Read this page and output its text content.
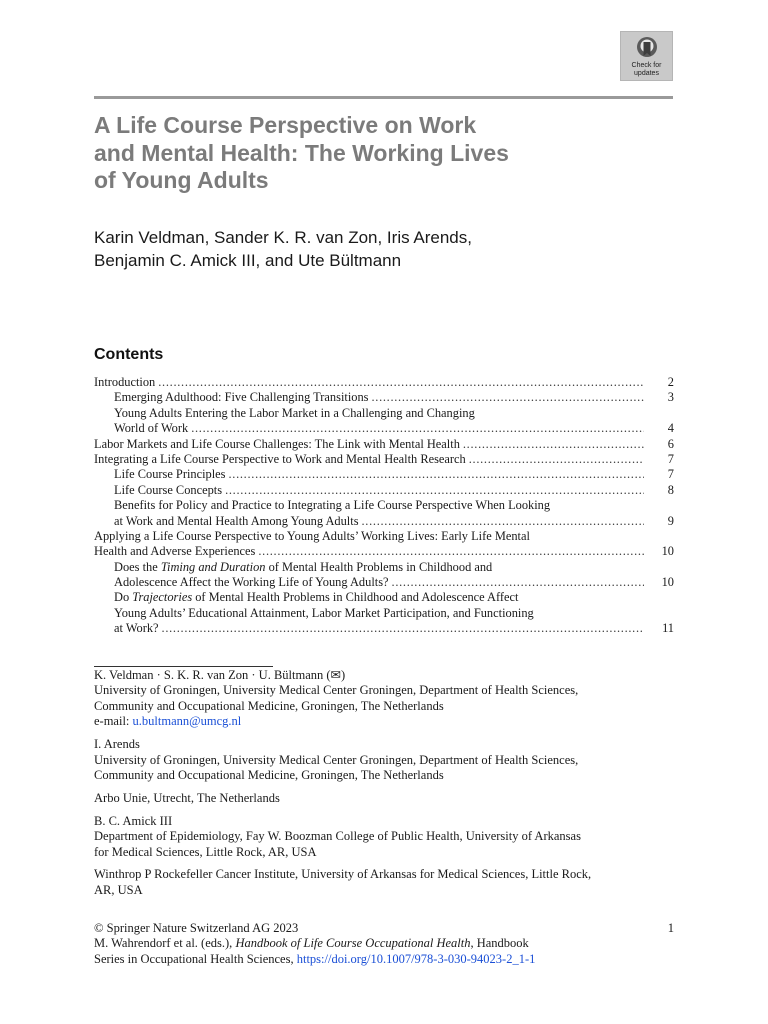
Check for
updates
A Life Course Perspective on Work
and Mental Health: The Working Lives
of Young Adults
Karin Veldman, Sander K. R. van Zon, Iris Arends,
Benjamin C. Amick III, and Ute Bültmann
Contents
Introduction . . .	2
Emerging Adulthood: Five Challenging Transitions . . .	3
Young Adults Entering the Labor Market in a Challenging and Changing
World of Work . . .	4
Labor Markets and Life Course Challenges: The Link with Mental Health . . .	6
Integrating a Life Course Perspective to Work and Mental Health Research . . .	7
Life Course Principles . . .	7
Life Course Concepts . . .	8
Benefits for Policy and Practice to Integrating a Life Course Perspective When Looking
at Work and Mental Health Among Young Adults . . .	9
Applying a Life Course Perspective to Young Adults’ Working Lives: Early Life Mental
Health and Adverse Experiences . . .	10
Does the Timing and Duration of Mental Health Problems in Childhood and
Adolescence Affect the Working Life of Young Adults? . . .	10
Do Trajectories of Mental Health Problems in Childhood and Adolescence Affect
Young Adults’ Educational Attainment, Labor Market Participation, and Functioning
at Work? . . .	11
K. Veldman · S. K. R. van Zon · U. Bültmann (✉)
University of Groningen, University Medical Center Groningen, Department of Health Sciences,
Community and Occupational Medicine, Groningen, The Netherlands
e-mail: u.bultmann@umcg.nl
I. Arends
University of Groningen, University Medical Center Groningen, Department of Health Sciences,
Community and Occupational Medicine, Groningen, The Netherlands
Arbo Unie, Utrecht, The Netherlands
B. C. Amick III
Department of Epidemiology, Fay W. Boozman College of Public Health, University of Arkansas
for Medical Sciences, Little Rock, AR, USA
Winthrop P Rockefeller Cancer Institute, University of Arkansas for Medical Sciences, Little Rock,
AR, USA
© Springer Nature Switzerland AG 2023	1
M. Wahrendorf et al. (eds.), Handbook of Life Course Occupational Health, Handbook
Series in Occupational Health Sciences, https://doi.org/10.1007/978-3-030-94023-2_1-1
